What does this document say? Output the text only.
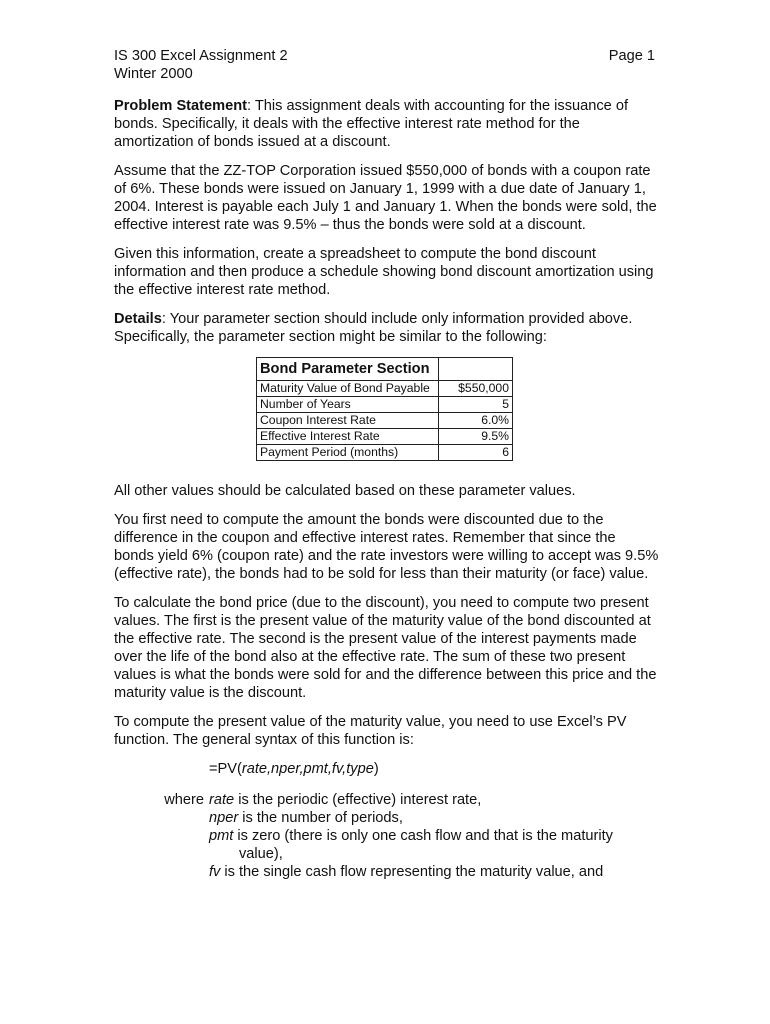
IS 300 Excel Assignment 2
Winter 2000
Page 1

Problem Statement: This assignment deals with accounting for the issuance of bonds. Specifically, it deals with the effective interest rate method for the amortization of bonds issued at a discount.

Assume that the ZZ-TOP Corporation issued $550,000 of bonds with a coupon rate of 6%. These bonds were issued on January 1, 1999 with a due date of January 1, 2004. Interest is payable each July 1 and January 1. When the bonds were sold, the effective interest rate was 9.5% – thus the bonds were sold at a discount.

Given this information, create a spreadsheet to compute the bond discount information and then produce a schedule showing bond discount amortization using the effective interest rate method.

Details: Your parameter section should include only information provided above. Specifically, the parameter section might be similar to the following:

Bond Parameter Section	
Maturity Value of Bond Payable	$550,000
Number of Years	5
Coupon Interest Rate	6.0%
Effective Interest Rate	9.5%
Payment Period (months)	6

All other values should be calculated based on these parameter values.

You first need to compute the amount the bonds were discounted due to the difference in the coupon and effective interest rates. Remember that since the bonds yield 6% (coupon rate) and the rate investors were willing to accept was 9.5% (effective rate), the bonds had to be sold for less than their maturity (or face) value.

To calculate the bond price (due to the discount), you need to compute two present values. The first is the present value of the maturity value of the bond discounted at the effective rate. The second is the present value of the interest payments made over the life of the bond also at the effective rate. The sum of these two present values is what the bonds were sold for and the difference between this price and the maturity value is the discount.

To compute the present value of the maturity value, you need to use Excel’s PV function. The general syntax of this function is:

=PV(rate,nper,pmt,fv,type)
where rate is the periodic (effective) interest rate,
nper is the number of periods,
pmt is zero (there is only one cash flow and that is the maturity
value),
fv is the single cash flow representing the maturity value, and
